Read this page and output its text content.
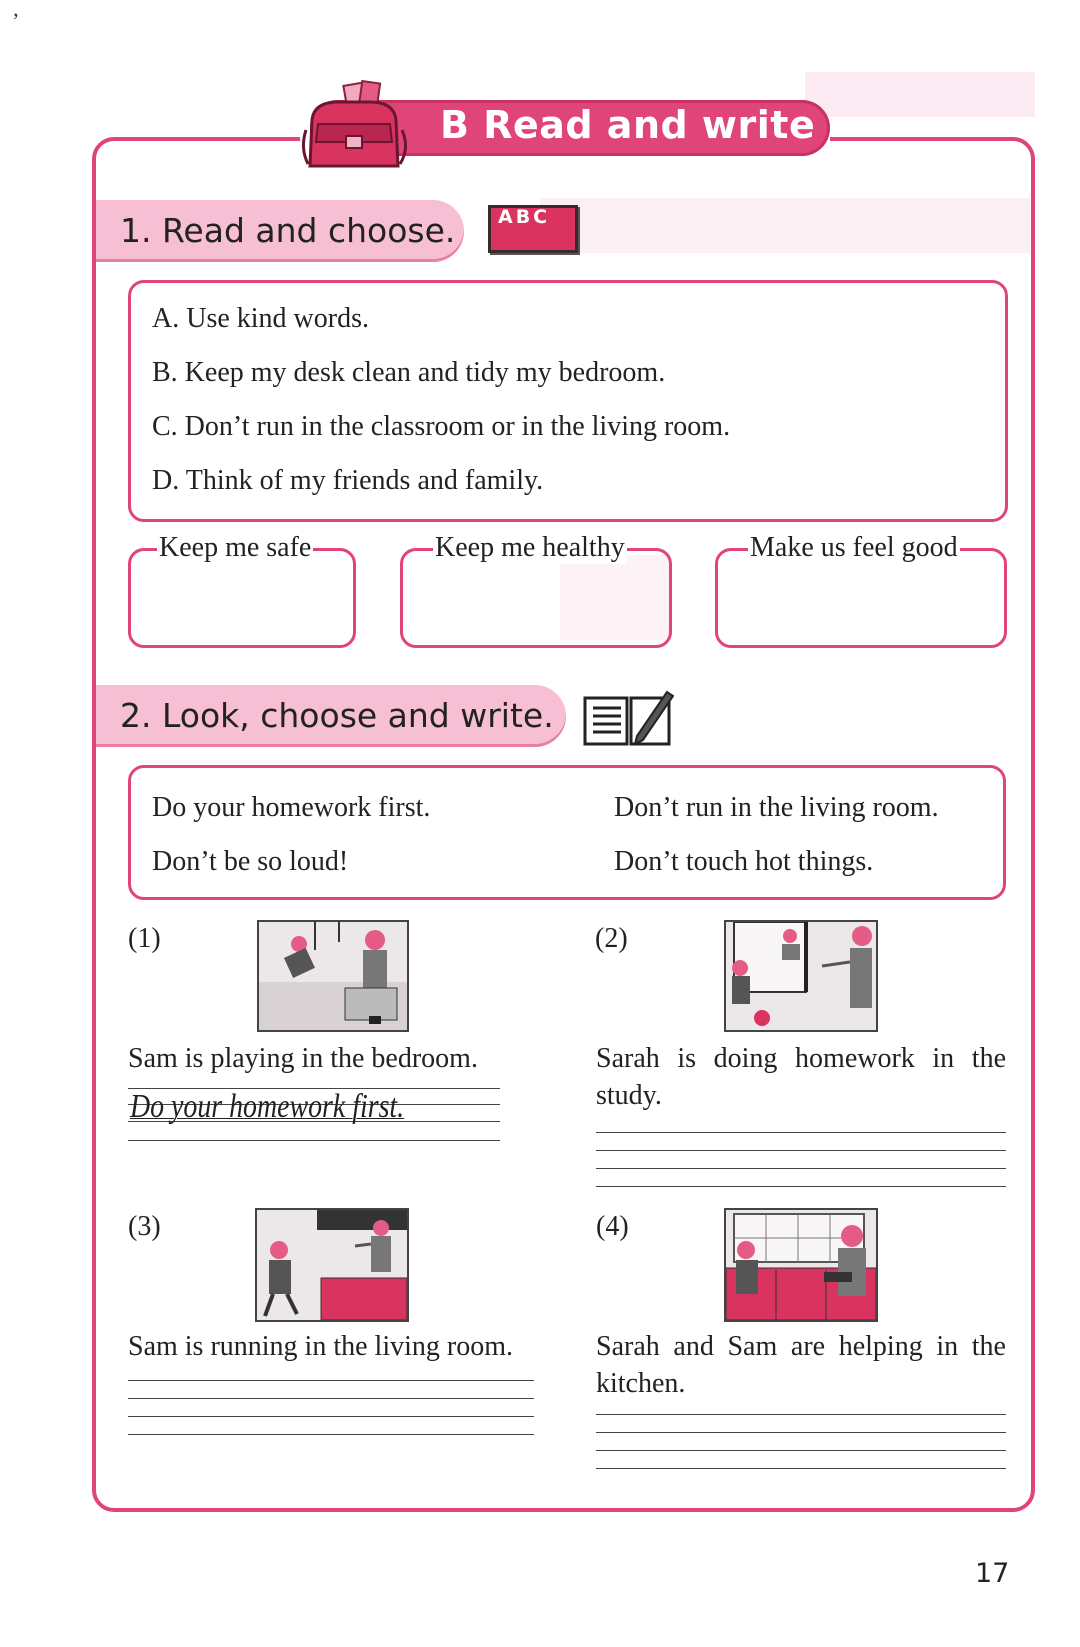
’
B Read and write
1. Read and choose. ABC
A. Use kind words.
B. Keep my desk clean and tidy my bedroom.
C. Don’t run in the classroom or in the living room.
D. Think of my friends and family.
Keep me safe	Keep me healthy	Make us feel good
2. Look, choose and write.
Do your homework first.	Don’t run in the living room.
Don’t be so loud!	Don’t touch hot things.
(1)
Sam is playing in the bedroom.
Do your homework first.
(2)
Sarah is doing homework in the study.
(3)
Sam is running in the living room.
(4)
Sarah and Sam are helping in the kitchen.
17
